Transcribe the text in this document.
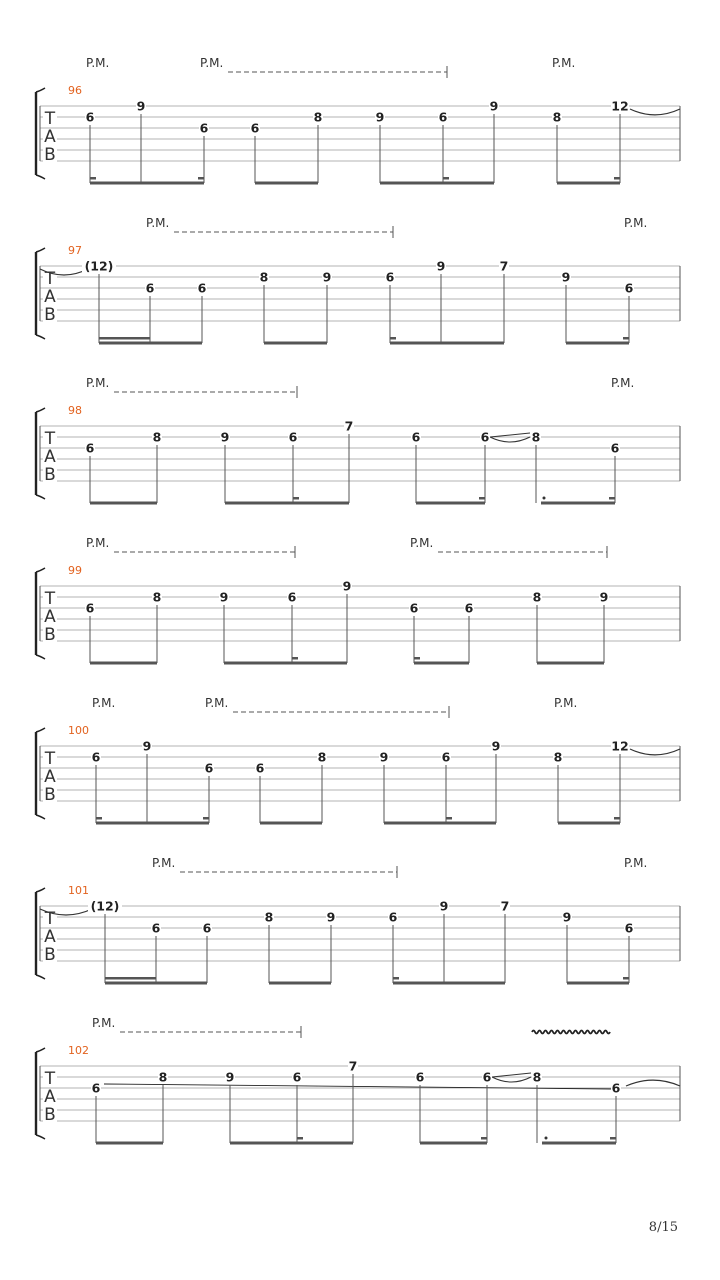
T
A
B
96
P.M.	P.M.	P.M.
6
9
6	6
8	9	6
9
8
12
T
A
B
97
P.M.	P.M.
(12)
6	6
8	9	6
9	7
9
6
T
A
B
98
P.M.	P.M.
6
8	9	6
7
6	6	8
6
T
A
B
99
P.M.	P.M.
6
8	9	6
9
6	6
8	9
T
A
B
100
P.M.	P.M.	P.M.
6
9
6	6
8	9	6
9
8
12
T
A
B
101
P.M.	P.M.
(12)
6	6
8	9	6
9	7
9
6
T
A
B
102
P.M.
6
8	9	6
7
6	6	8
6
8/15
